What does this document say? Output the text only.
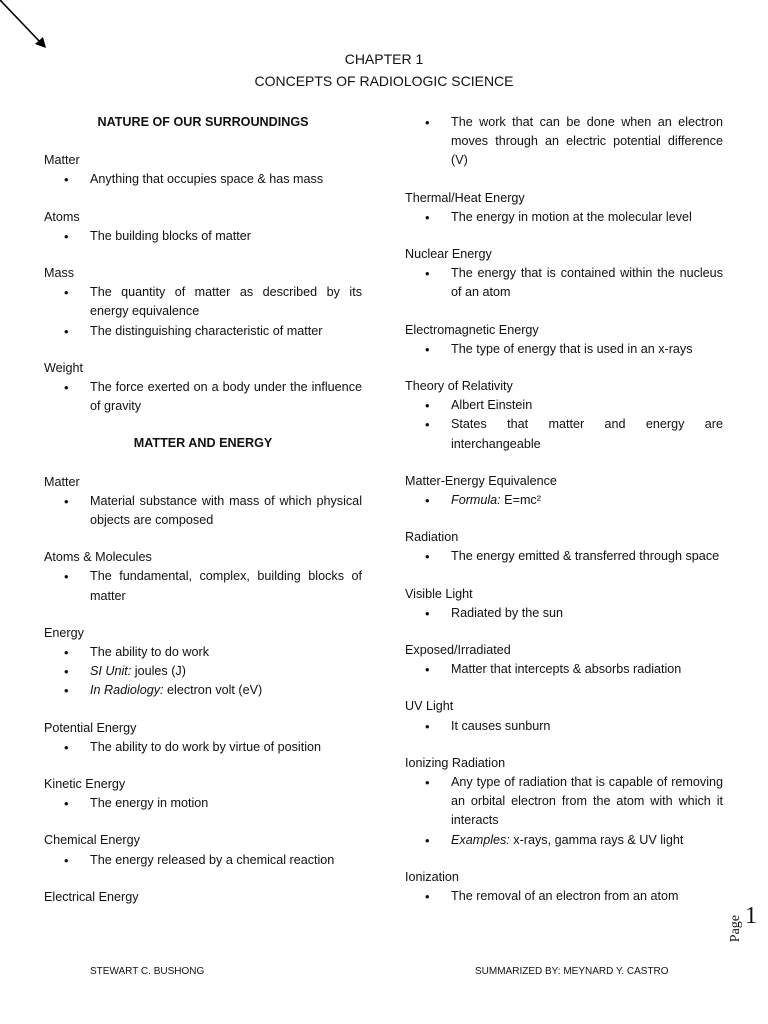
CHAPTER 1
CONCEPTS OF RADIOLOGIC SCIENCE
NATURE OF OUR SURROUNDINGS
Matter
• Anything that occupies space & has mass
Atoms
• The building blocks of matter
Mass
• The quantity of matter as described by its energy equivalence
• The distinguishing characteristic of matter
Weight
• The force exerted on a body under the influence of gravity
MATTER AND ENERGY
Matter
• Material substance with mass of which physical objects are composed
Atoms & Molecules
• The fundamental, complex, building blocks of matter
Energy
• The ability to do work
• SI Unit: joules (J)
• In Radiology: electron volt (eV)
Potential Energy
• The ability to do work by virtue of position
Kinetic Energy
• The energy in motion
Chemical Energy
• The energy released by a chemical reaction
Electrical Energy
• The work that can be done when an electron moves through an electric potential difference (V)
Thermal/Heat Energy
• The energy in motion at the molecular level
Nuclear Energy
• The energy that is contained within the nucleus of an atom
Electromagnetic Energy
• The type of energy that is used in an x-rays
Theory of Relativity
• Albert Einstein
• States that matter and energy are interchangeable
Matter-Energy Equivalence
• Formula: E=mc²
Radiation
• The energy emitted & transferred through space
Visible Light
• Radiated by the sun
Exposed/Irradiated
• Matter that intercepts & absorbs radiation
UV Light
• It causes sunburn
Ionizing Radiation
• Any type of radiation that is capable of removing an orbital electron from the atom with which it interacts
• Examples: x-rays, gamma rays & UV light
Ionization
• The removal of an electron from an atom
STEWART C. BUSHONG	SUMMARIZED BY: MEYNARD Y. CASTRO
Page 1
